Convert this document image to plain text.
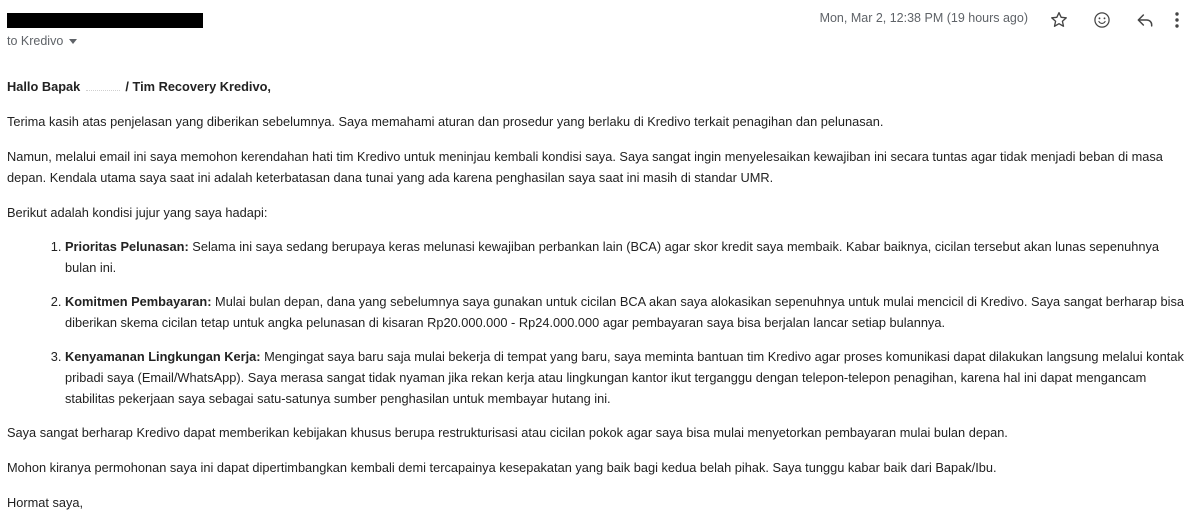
to Kredivo
Mon, Mar 2, 12:38 PM (19 hours ago)

Hallo Bapak	/ Tim Recovery Kredivo,

Terima kasih atas penjelasan yang diberikan sebelumnya. Saya memahami aturan dan prosedur yang berlaku di Kredivo terkait penagihan dan pelunasan.

Namun, melalui email ini saya memohon kerendahan hati tim Kredivo untuk meninjau kembali kondisi saya. Saya sangat ingin menyelesaikan kewajiban ini secara tuntas agar tidak menjadi beban di masa depan. Kendala utama saya saat ini adalah keterbatasan dana tunai yang ada karena penghasilan saya saat ini masih di standar UMR.

Berikut adalah kondisi jujur yang saya hadapi:

1. Prioritas Pelunasan: Selama ini saya sedang berupaya keras melunasi kewajiban perbankan lain (BCA) agar skor kredit saya membaik. Kabar baiknya, cicilan tersebut akan lunas sepenuhnya bulan ini.
2. Komitmen Pembayaran: Mulai bulan depan, dana yang sebelumnya saya gunakan untuk cicilan BCA akan saya alokasikan sepenuhnya untuk mulai mencicil di Kredivo. Saya sangat berharap bisa diberikan skema cicilan tetap untuk angka pelunasan di kisaran Rp20.000.000 - Rp24.000.000 agar pembayaran saya bisa berjalan lancar setiap bulannya.
3. Kenyamanan Lingkungan Kerja: Mengingat saya baru saja mulai bekerja di tempat yang baru, saya meminta bantuan tim Kredivo agar proses komunikasi dapat dilakukan langsung melalui kontak pribadi saya (Email/WhatsApp). Saya merasa sangat tidak nyaman jika rekan kerja atau lingkungan kantor ikut terganggu dengan telepon-telepon penagihan, karena hal ini dapat mengancam stabilitas pekerjaan saya sebagai satu-satunya sumber penghasilan untuk membayar hutang ini.

Saya sangat berharap Kredivo dapat memberikan kebijakan khusus berupa restrukturisasi atau cicilan pokok agar saya bisa mulai menyetorkan pembayaran mulai bulan depan.

Mohon kiranya permohonan saya ini dapat dipertimbangkan kembali demi tercapainya kesepakatan yang baik bagi kedua belah pihak. Saya tunggu kabar baik dari Bapak/Ibu.

Hormat saya,
